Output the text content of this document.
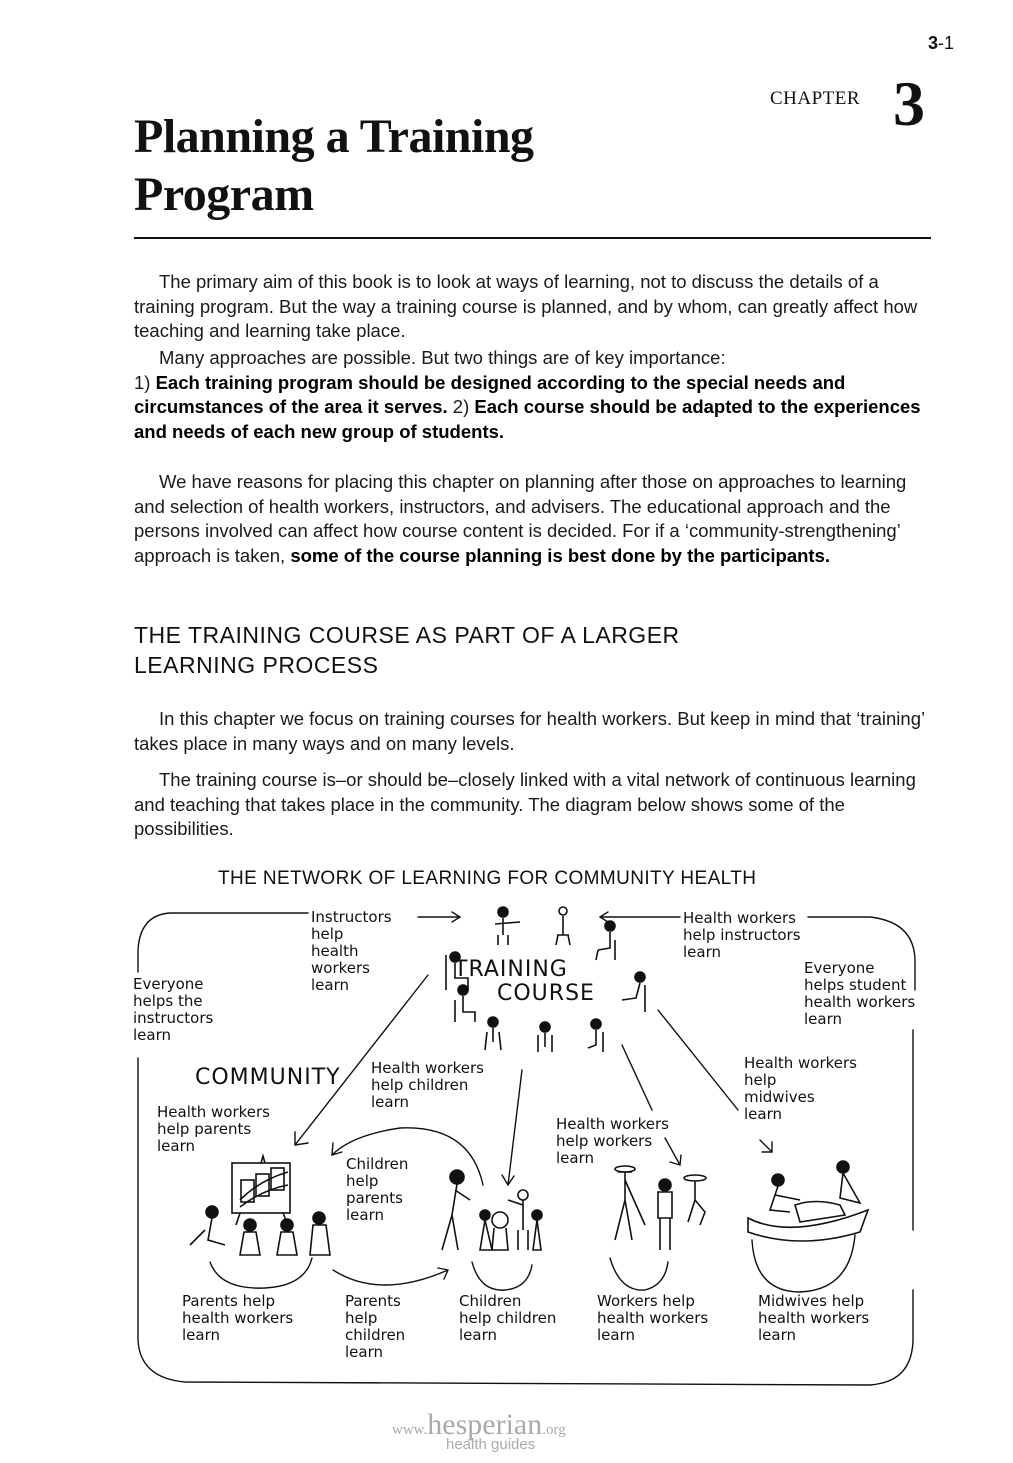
3-1
CHAPTER 3
Planning a Training
Program

The primary aim of this book is to look at ways of learning, not to discuss the details of a training program. But the way a training course is planned, and by whom, can greatly affect how teaching and learning take place.

Many approaches are possible. But two things are of key importance:

1) Each training program should be designed according to the special needs and circumstances of the area it serves. 2) Each course should be adapted to the experiences and needs of each new group of students.

We have reasons for placing this chapter on planning after those on approaches to learning and selection of health workers, instructors, and advisers. The educational approach and the persons involved can affect how course content is decided. For if a ‘community-strengthening’ approach is taken, some of the course planning is best done by the participants.

THE TRAINING COURSE AS PART OF A LARGER
LEARNING PROCESS

In this chapter we focus on training courses for health workers. But keep in mind that ‘training’ takes place in many ways and on many levels.

The training course is–or should be–closely linked with a vital network of continuous learning and teaching that takes place in the community. The diagram below shows some of the possibilities.

THE NETWORK OF LEARNING FOR COMMUNITY HEALTH
TRAINING
COURSE
COMMUNITY
Instructors
help
health
workers
learn
Health workers
help instructors
learn
Everyone
helps the
instructors
learn
Everyone
helps student
health workers
learn
Health workers
help children
learn
Health workers
help parents
learn
Health workers
help
midwives
learn
Health workers
help workers
learn
Children
help
parents
learn
Parents help
health workers
learn
Parents
help
children
learn
Children
help children
learn
Workers help
health workers
learn
Midwives help
health workers
learn
www.hesperian.org
health guides
